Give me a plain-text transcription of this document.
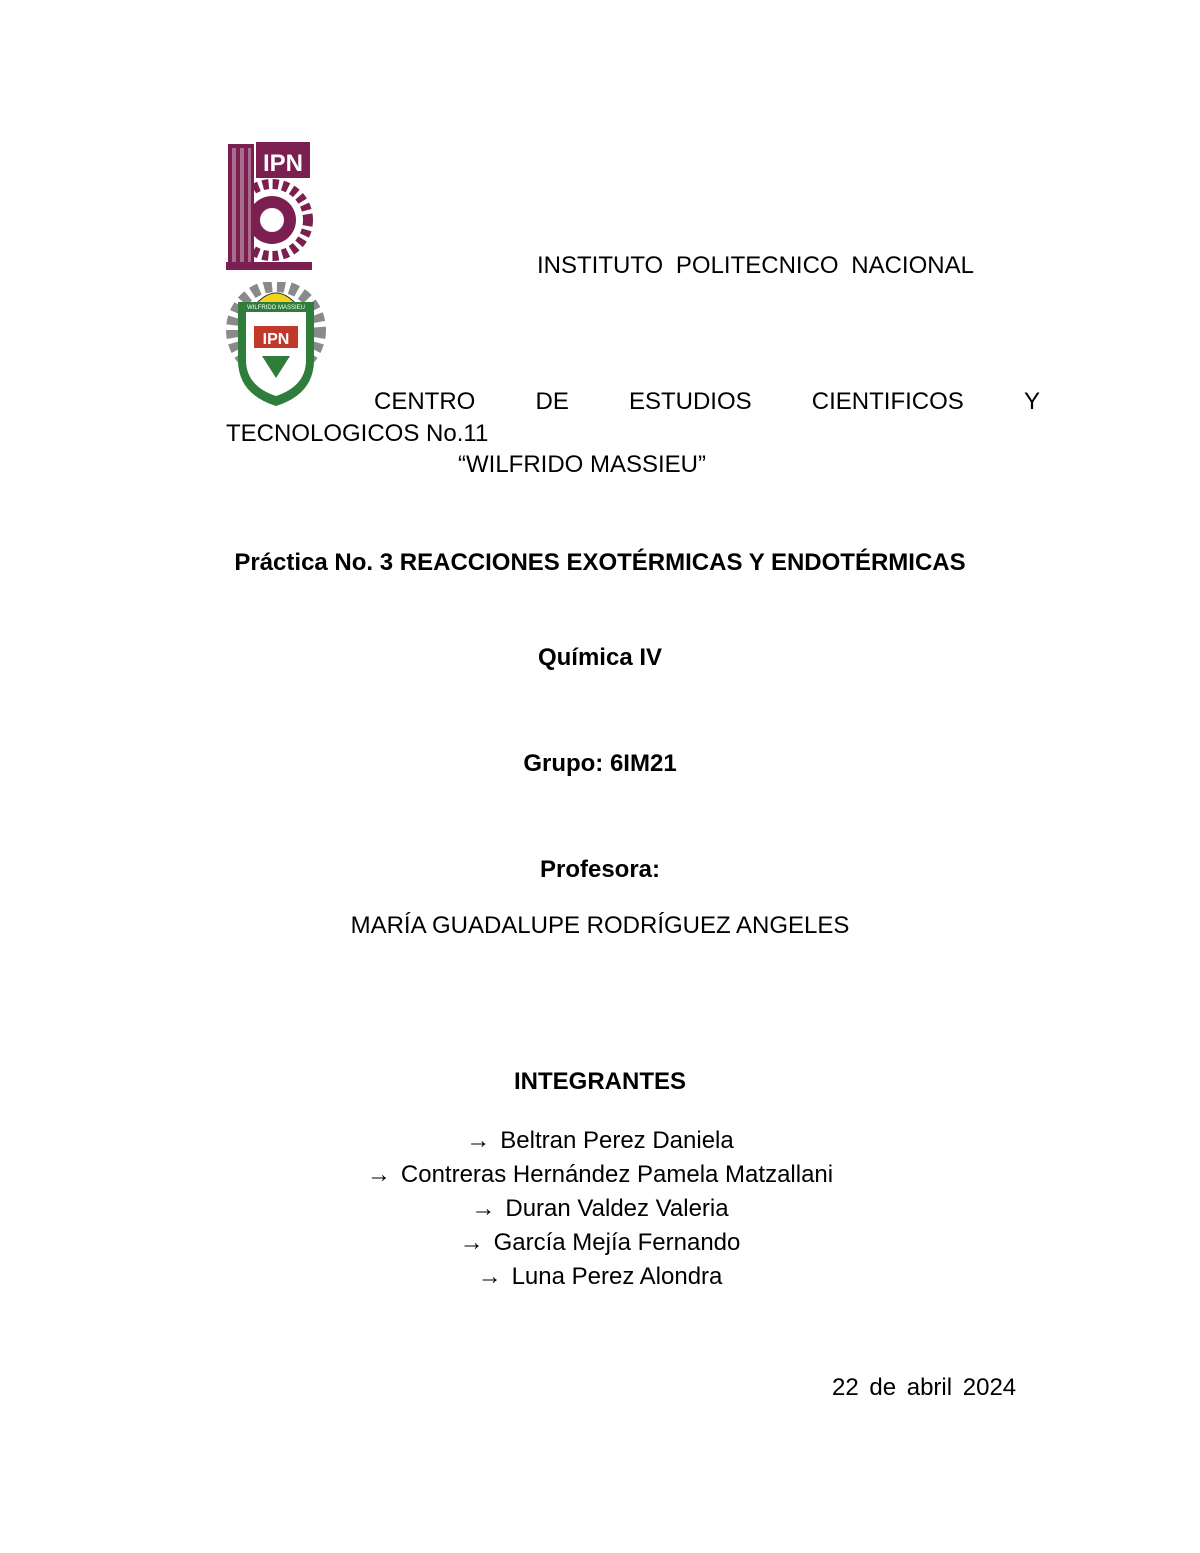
IPN
IPN
WILFRIDO MASSIEU
INSTITUTO POLITECNICO NACIONAL
CENTRO	DE	ESTUDIOS	CIENTIFICOS	Y
TECNOLOGICOS No.11
“WILFRIDO MASSIEU”
Práctica No. 3 REACCIONES EXOTÉRMICAS Y ENDOTÉRMICAS
Química IV
Grupo: 6IM21
Profesora:
MARÍA GUADALUPE RODRÍGUEZ ANGELES
INTEGRANTES
→ Beltran Perez Daniela
→ Contreras Hernández Pamela Matzallani
→ Duran Valdez Valeria
→ García Mejía Fernando
→ Luna Perez Alondra
22 de abril 2024
